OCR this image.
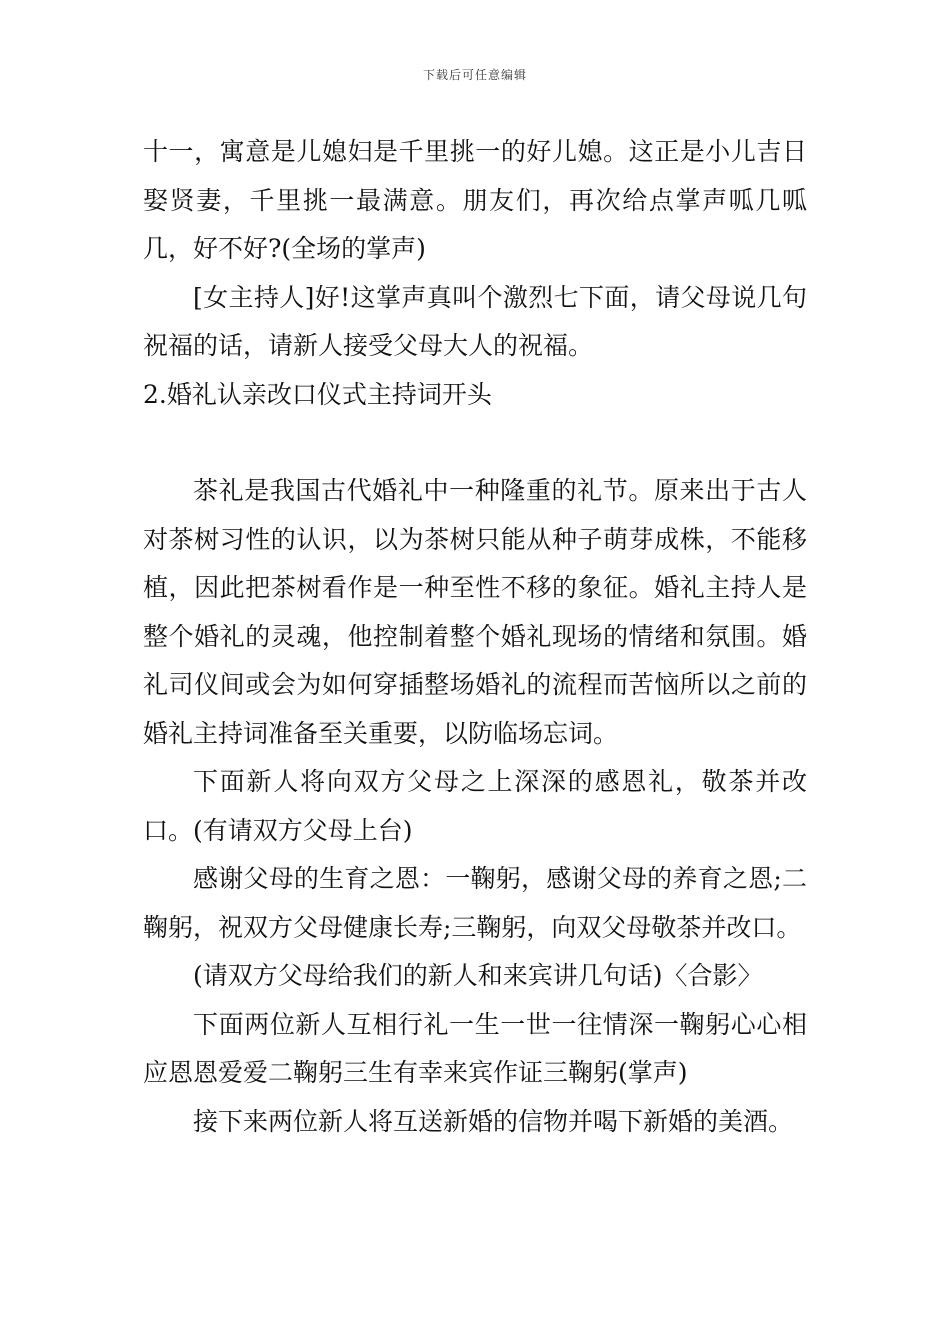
下载后可任意编辑

十一，寓意是儿媳妇是千里挑一的好儿媳。这正是小儿吉日娶贤妻，千里挑一最满意。朋友们，再次给点掌声呱几呱几，好不好?(全场的掌声)

[女主持人]好!这掌声真叫个激烈七下面，请父母说几句祝福的话，请新人接受父母大人的祝福。

2.婚礼认亲改口仪式主持词开头

茶礼是我国古代婚礼中一种隆重的礼节。原来出于古人对茶树习性的认识，以为茶树只能从种子萌芽成株，不能移植，因此把茶树看作是一种至性不移的象征。婚礼主持人是整个婚礼的灵魂，他控制着整个婚礼现场的情绪和氛围。婚礼司仪间或会为如何穿插整场婚礼的流程而苦恼所以之前的婚礼主持词准备至关重要，以防临场忘词。

下面新人将向双方父母之上深深的感恩礼，敬茶并改口。(有请双方父母上台)

感谢父母的生育之恩：一鞠躬，感谢父母的养育之恩;二鞠躬，祝双方父母健康长寿;三鞠躬，向双父母敬茶并改口。

(请双方父母给我们的新人和来宾讲几句话)〈合影〉

下面两位新人互相行礼一生一世一往情深一鞠躬心心相应恩恩爱爱二鞠躬三生有幸来宾作证三鞠躬(掌声)

接下来两位新人将互送新婚的信物并喝下新婚的美酒。
